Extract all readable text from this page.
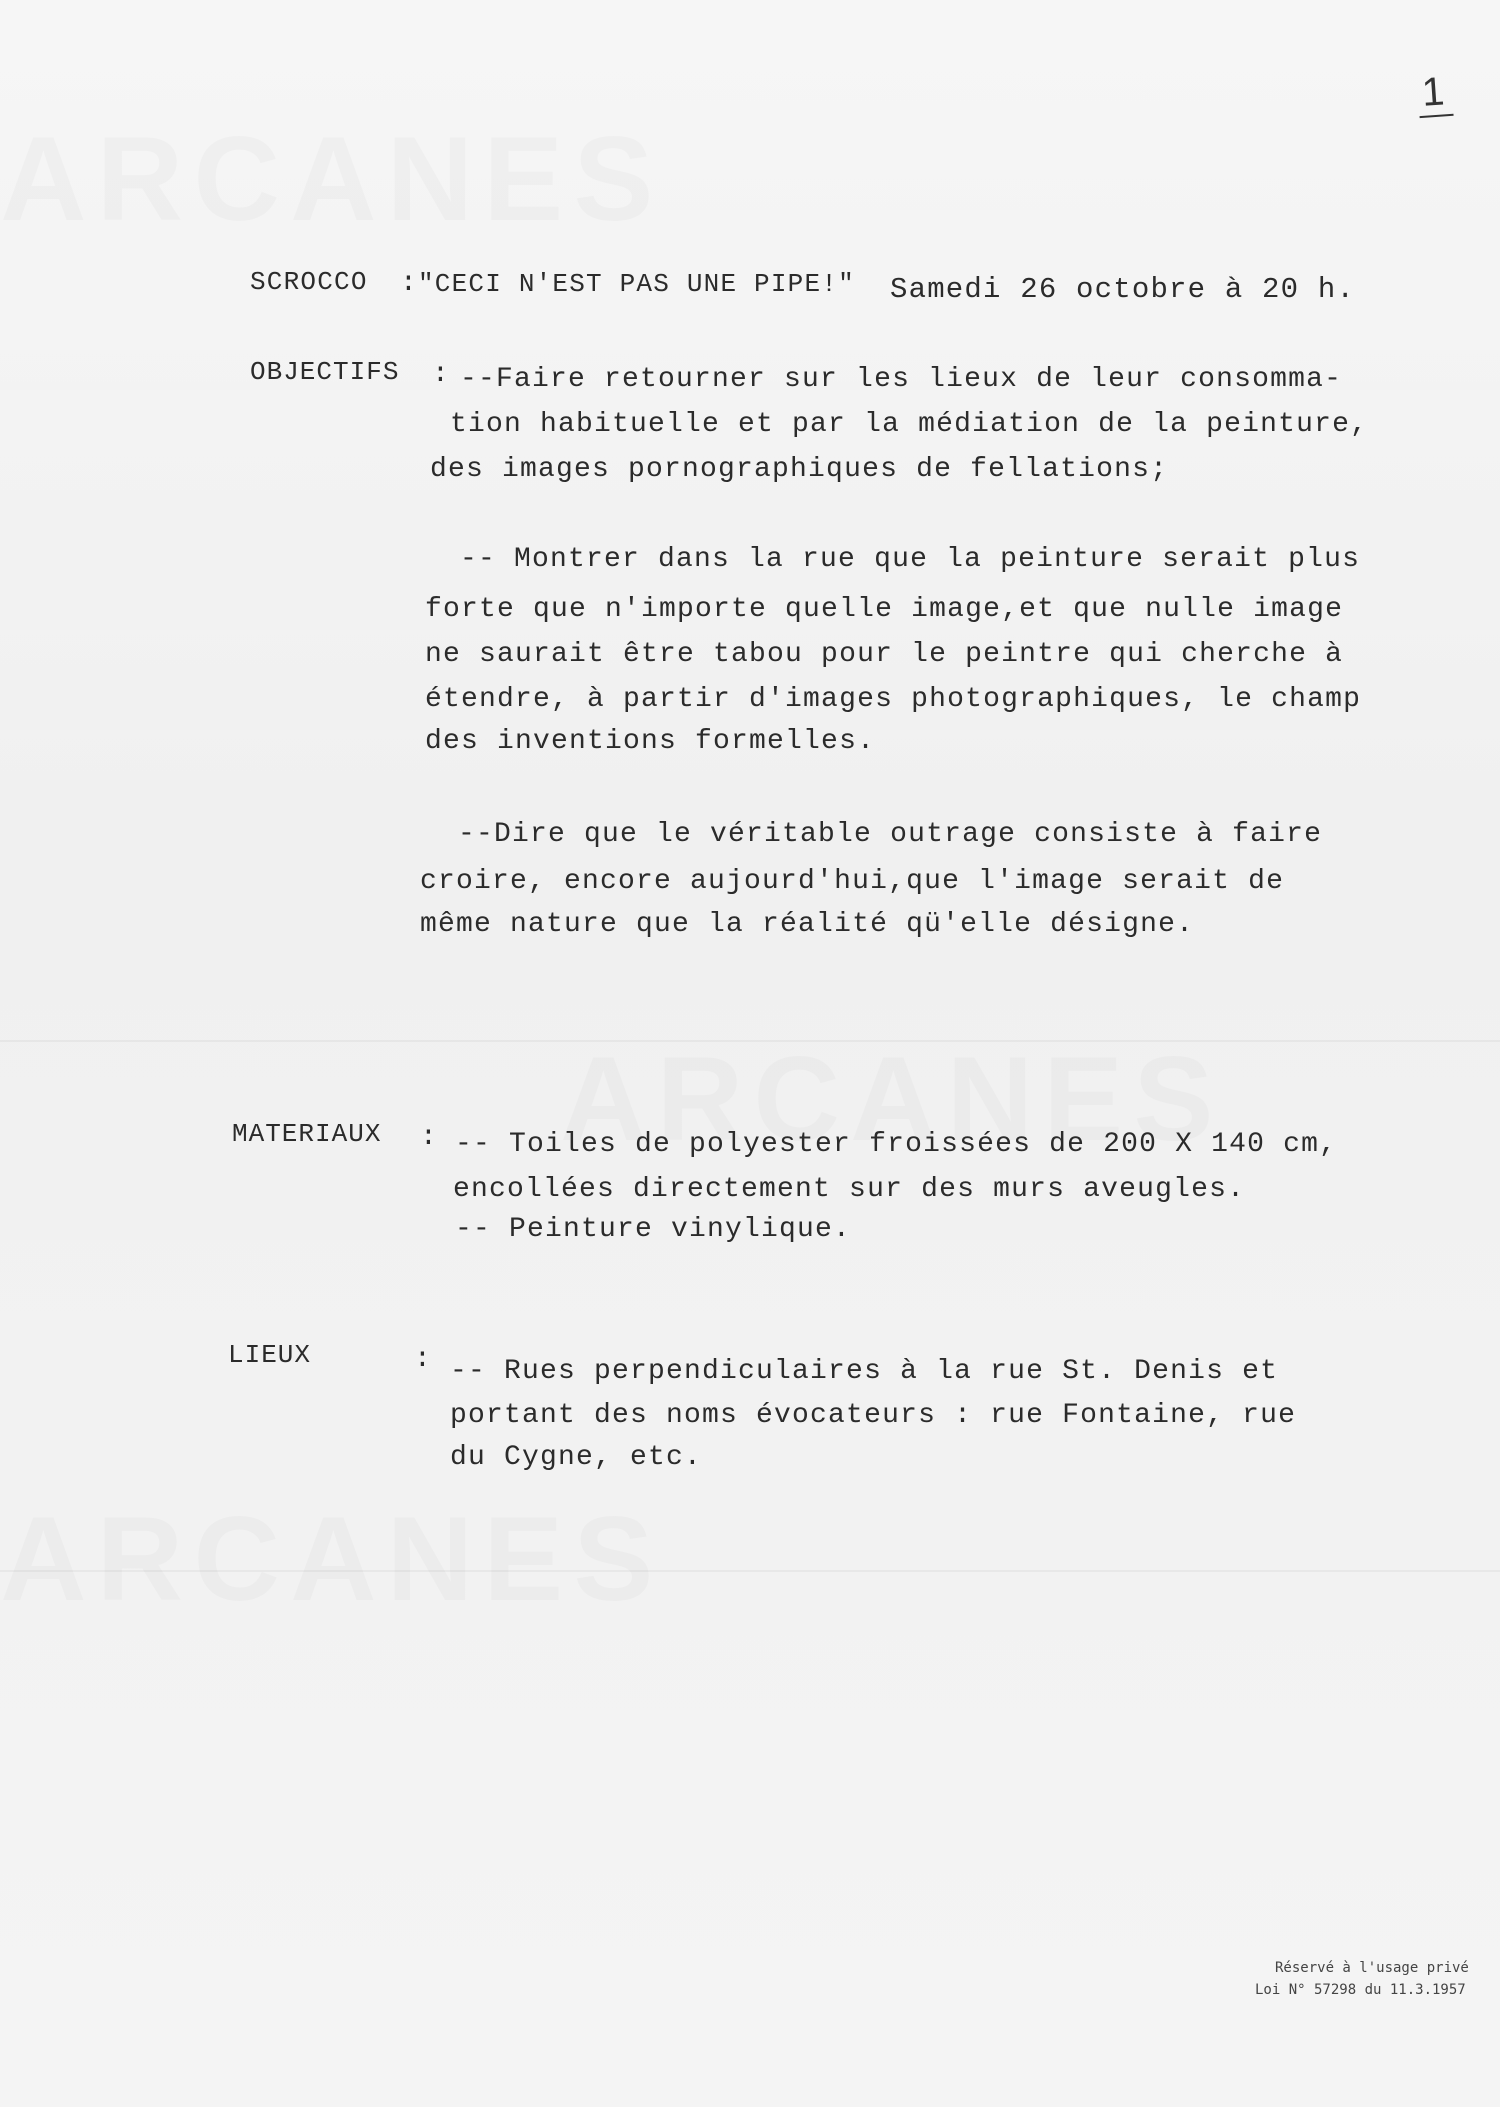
1
SCROCCO : "CECI N'EST PAS UNE PIPE!" Samedi 26 octobre à 20 h.
OBJECTIFS : --Faire retourner sur les lieux de leur consomma-
tion habituelle et par la médiation de la peinture,
des images pornographiques de fellations;
-- Montrer dans la rue que la peinture serait plus
forte que n'importe quelle image,et que nulle image
ne saurait être tabou pour le peintre qui cherche à
étendre, à partir d'images photographiques, le champ
des inventions formelles.
--Dire que le véritable outrage consiste à faire
croire, encore aujourd'hui,que l'image serait de
même nature que la réalité qü'elle désigne.
MATERIAUX : -- Toiles de polyester froissées de 200 X 140 cm,
encollées directement sur des murs aveugles.
-- Peinture vinylique.
LIEUX	: -- Rues perpendiculaires à la rue St. Denis et
portant des noms évocateurs : rue Fontaine, rue
du Cygne, etc.
Réservé à l'usage privé
Loi N° 57298 du 11.3.1957
